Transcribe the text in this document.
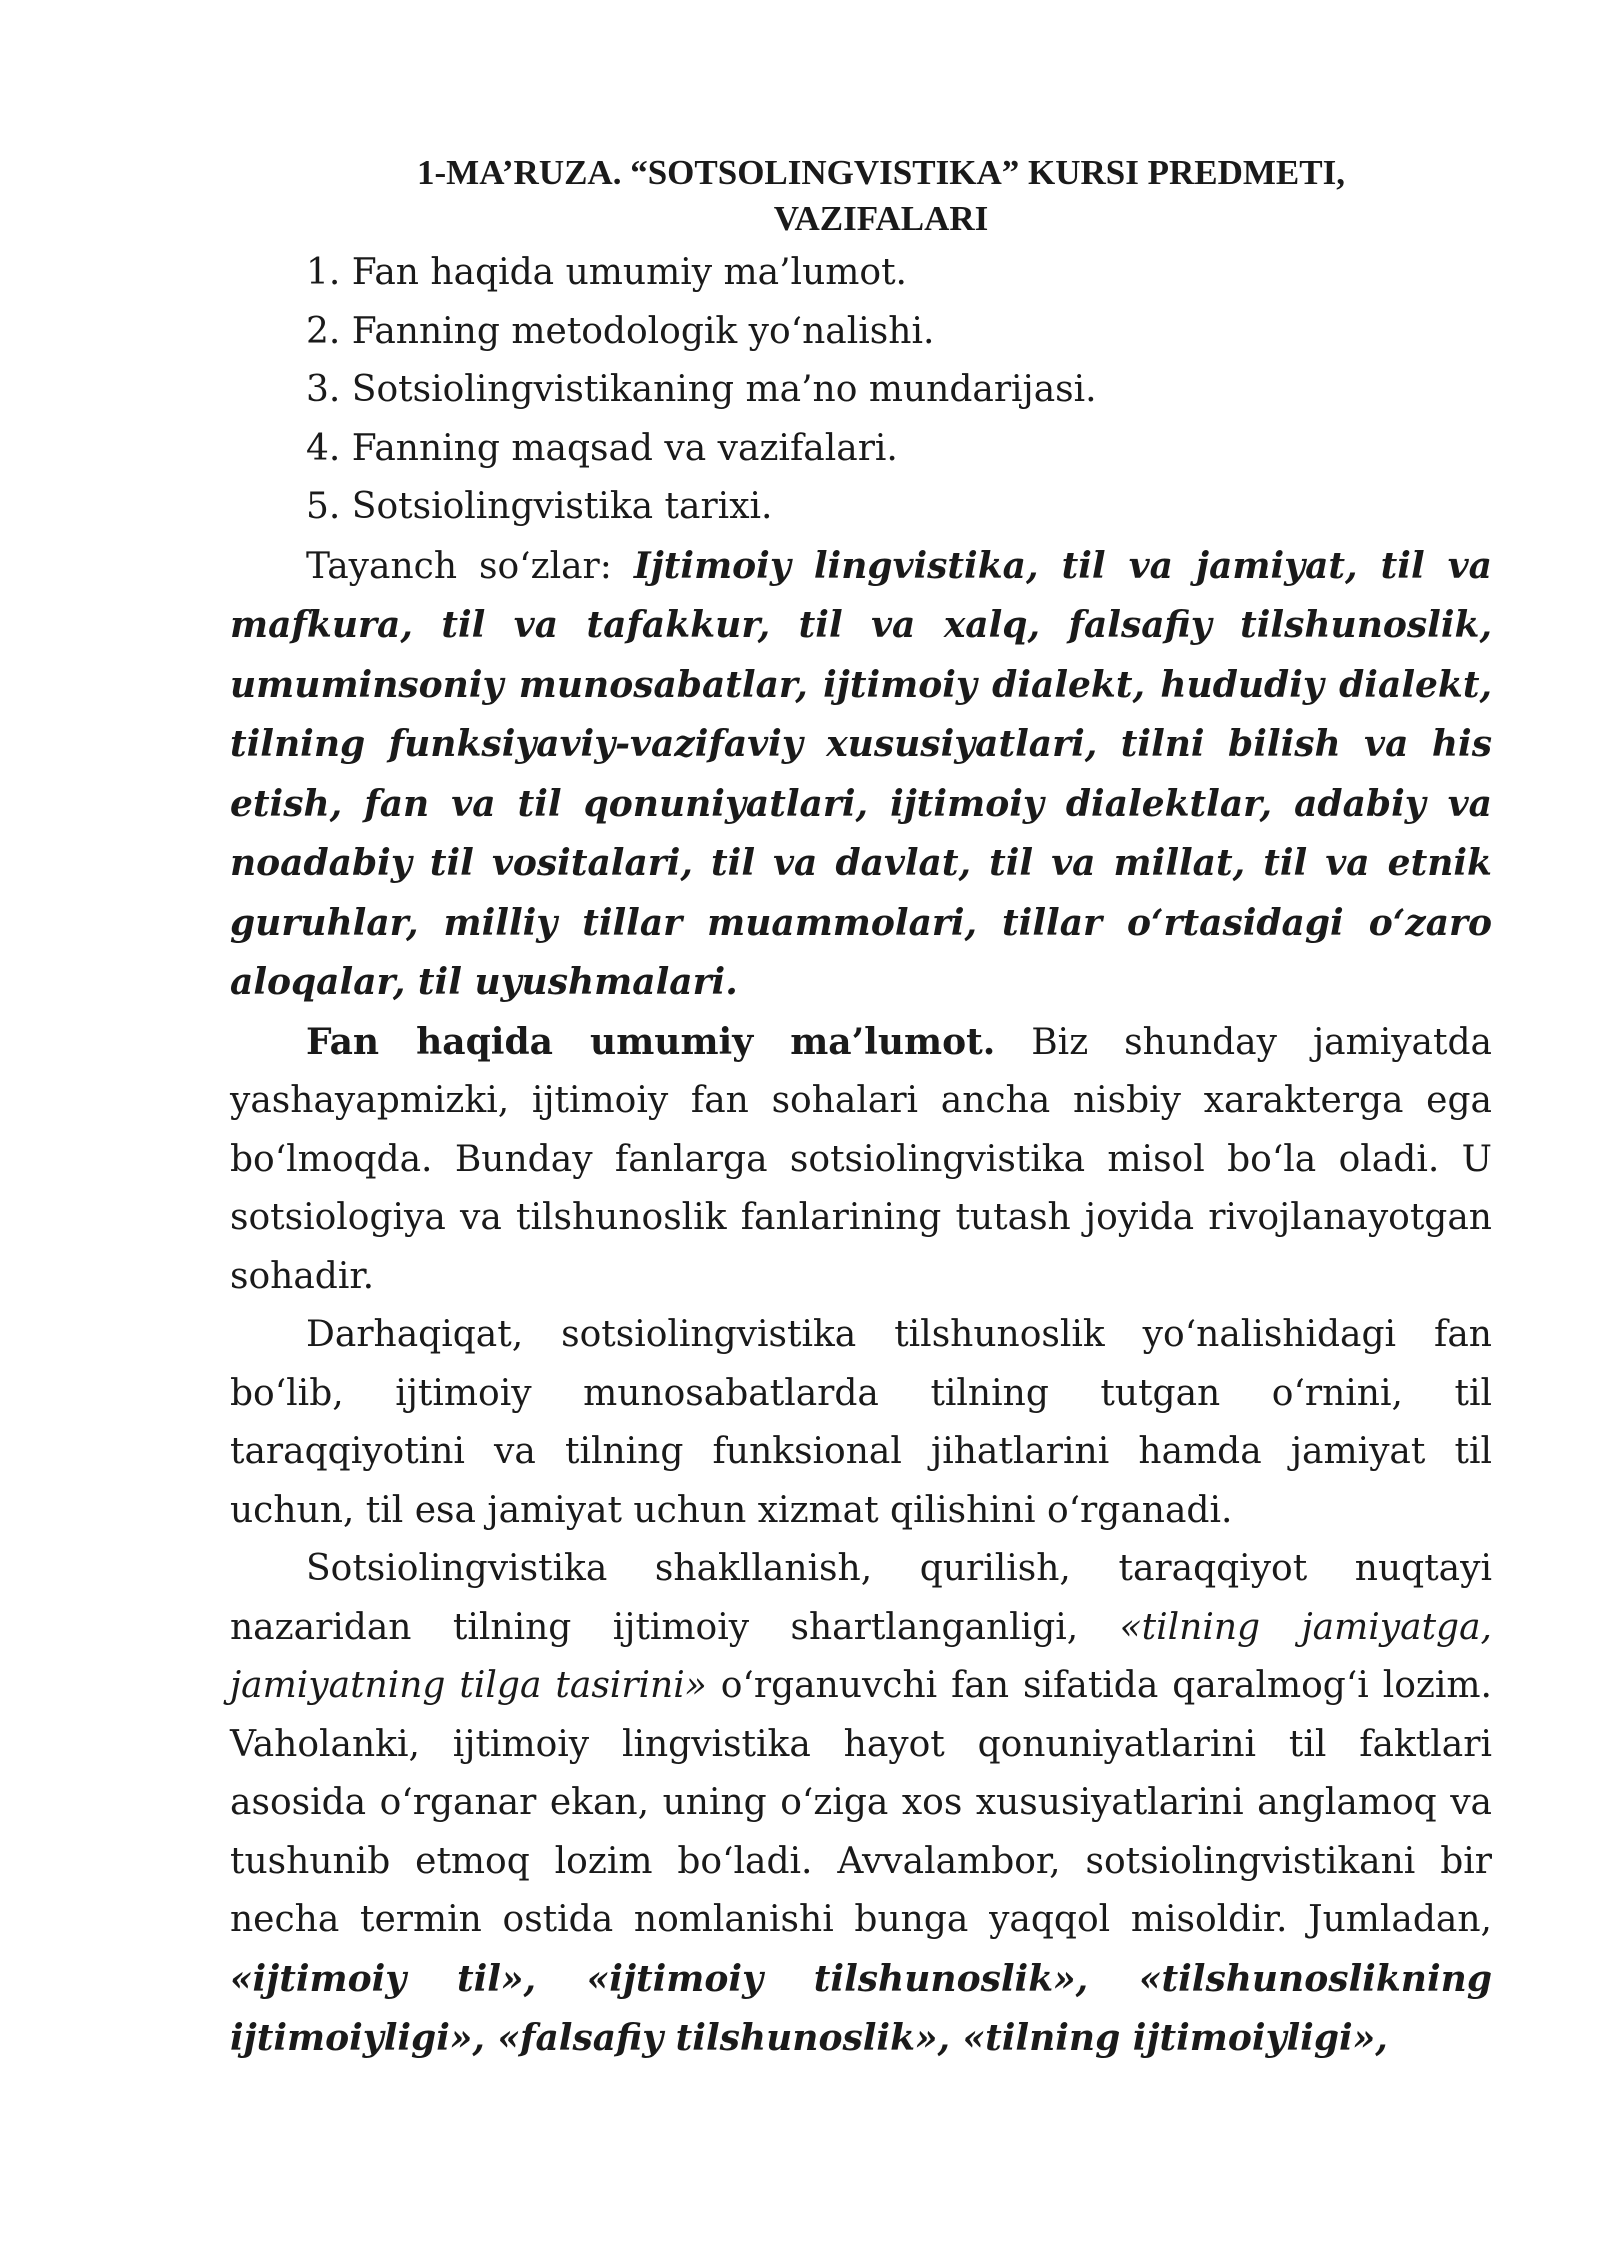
1-MA’RUZA. “SOTSOLINGVISTIKA” KURSI PREDMETI,
VAZIFALARI
1. Fan haqida umumiy ma’lumot.
2. Fanning metodologik yo‘nalishi.
3. Sotsiolingvistikaning ma’no mundarijasi.
4. Fanning maqsad va vazifalari.
5. Sotsiolingvistika tarixi.

Tayanch so‘zlar: Ijtimoiy lingvistika, til va jamiyat, til va mafkura, til va tafakkur, til va xalq, falsafiy tilshunoslik, umuminsoniy munosabatlar, ijtimoiy dialekt, hududiy dialekt, tilning funksiyaviy-vazifaviy xususiyatlari, tilni bilish va his etish, fan va til qonuniyatlari, ijtimoiy dialektlar, adabiy va noadabiy til vositalari, til va davlat, til va millat, til va etnik guruhlar, milliy tillar muammolari, tillar o‘rtasidagi o‘zaro aloqalar, til uyushmalari.

Fan haqida umumiy ma’lumot. Biz shunday jamiyatda yashayapmizki, ijtimoiy fan sohalari ancha nisbiy xarakterga ega bo‘lmoqda. Bunday fanlarga sotsiolingvistika misol bo‘la oladi. U sotsiologiya va tilshunoslik fanlarining tutash joyida rivojlanayotgan sohadir.

Darhaqiqat, sotsiolingvistika tilshunoslik yo‘nalishidagi fan bo‘lib, ijtimoiy munosabatlarda tilning tutgan o‘rnini, til taraqqiyotini va tilning funksional jihatlarini hamda jamiyat til uchun, til esa jamiyat uchun xizmat qilishini o‘rganadi.

Sotsiolingvistika shakllanish, qurilish, taraqqiyot nuqtayi nazaridan tilning ijtimoiy shartlanganligi, «tilning jamiyatga, jamiyatning tilga tasirini» o‘rganuvchi fan sifatida qaralmog‘i lozim. Vaholanki, ijtimoiy lingvistika hayot qonuniyatlarini til faktlari asosida o‘rganar ekan, uning o‘ziga xos xususiyatlarini anglamoq va tushunib etmoq lozim bo‘ladi. Avvalambor, sotsiolingvistikani bir necha termin ostida nomlanishi bunga yaqqol misoldir. Jumladan, «ijtimoiy til», «ijtimoiy tilshunoslik», «tilshunoslikning ijtimoiyligi», «falsafiy tilshunoslik», «tilning ijtimoiyligi»,
